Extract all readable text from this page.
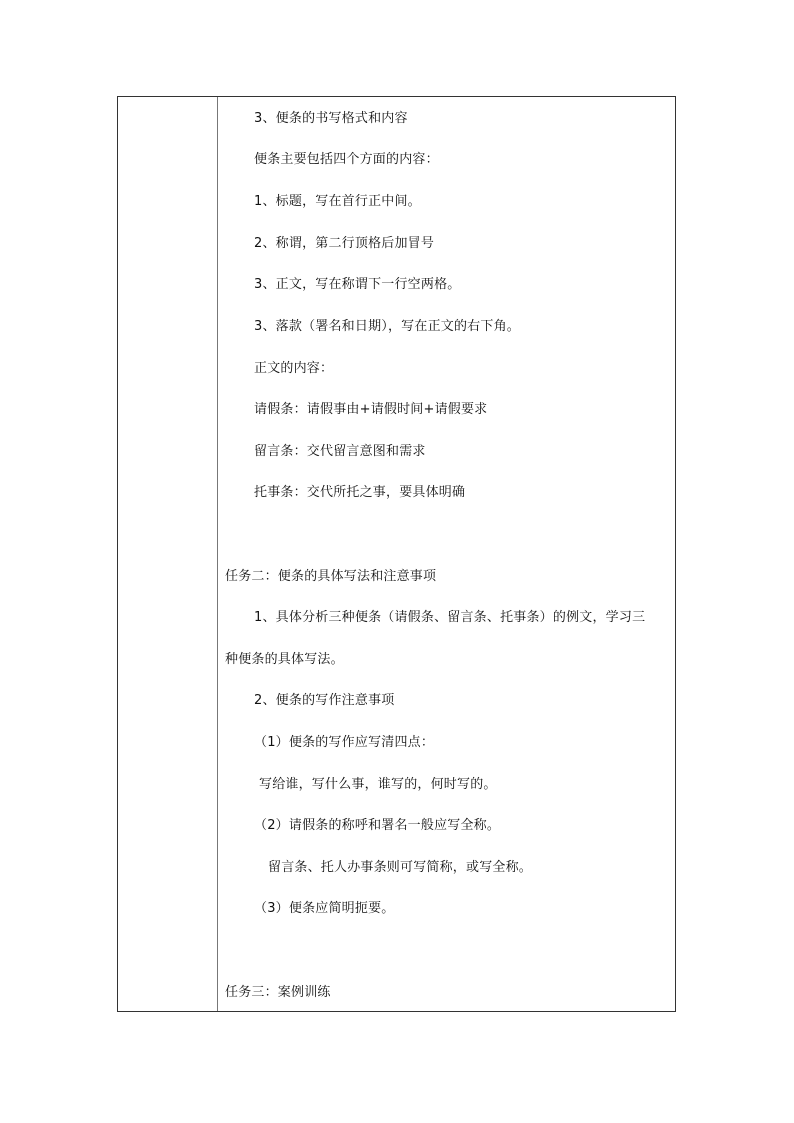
3、便条的书写格式和内容
便条主要包括四个方面的内容：
1、标题，写在首行正中间。
2、称谓，第二行顶格后加冒号
3、正文，写在称谓下一行空两格。
3、落款（署名和日期），写在正文的右下角。
正文的内容：
请假条：请假事由+请假时间+请假要求
留言条：交代留言意图和需求
托事条：交代所托之事，要具体明确
任务二：便条的具体写法和注意事项
1、具体分析三种便条（请假条、留言条、托事条）的例文，学习三
种便条的具体写法。
2、便条的写作注意事项
（1）便条的写作应写清四点：
写给谁，写什么事，谁写的，何时写的。
（2）请假条的称呼和署名一般应写全称。
留言条、托人办事条则可写简称，或写全称。
（3）便条应简明扼要。
任务三：案例训练
